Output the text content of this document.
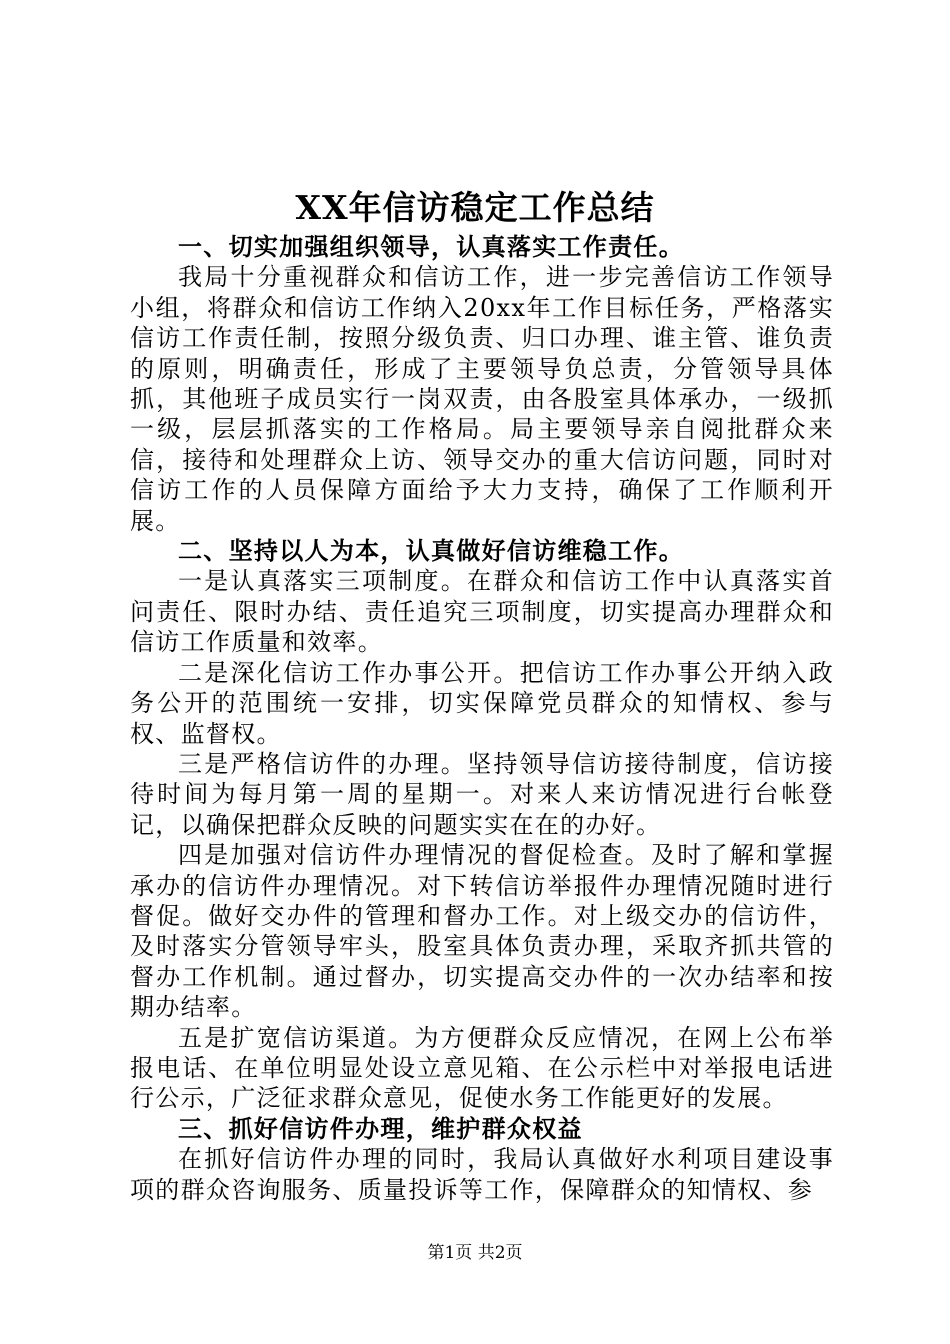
XX年信访稳定工作总结

一、切实加强组织领导，认真落实工作责任。

我局十分重视群众和信访工作，进一步完善信访工作领导小组，将群众和信访工作纳入20xx年工作目标任务，严格落实信访工作责任制，按照分级负责、归口办理、谁主管、谁负责的原则，明确责任，形成了主要领导负总责，分管领导具体抓，其他班子成员实行一岗双责，由各股室具体承办，一级抓一级，层层抓落实的工作格局。局主要领导亲自阅批群众来信，接待和处理群众上访、领导交办的重大信访问题，同时对信访工作的人员保障方面给予大力支持，确保了工作顺利开展。

二、坚持以人为本，认真做好信访维稳工作。

一是认真落实三项制度。在群众和信访工作中认真落实首问责任、限时办结、责任追究三项制度，切实提高办理群众和信访工作质量和效率。

二是深化信访工作办事公开。把信访工作办事公开纳入政务公开的范围统一安排，切实保障党员群众的知情权、参与权、监督权。

三是严格信访件的办理。坚持领导信访接待制度，信访接待时间为每月第一周的星期一。对来人来访情况进行台帐登记，以确保把群众反映的问题实实在在的办好。

四是加强对信访件办理情况的督促检查。及时了解和掌握承办的信访件办理情况。对下转信访举报件办理情况随时进行督促。做好交办件的管理和督办工作。对上级交办的信访件，及时落实分管领导牢头，股室具体负责办理，采取齐抓共管的督办工作机制。通过督办，切实提高交办件的一次办结率和按期办结率。

五是扩宽信访渠道。为方便群众反应情况，在网上公布举报电话、在单位明显处设立意见箱、在公示栏中对举报电话进行公示，广泛征求群众意见，促使水务工作能更好的发展。

三、抓好信访件办理，维护群众权益

在抓好信访件办理的同时，我局认真做好水利项目建设事项的群众咨询服务、质量投诉等工作，保障群众的知情权、参

第1页 共2页
